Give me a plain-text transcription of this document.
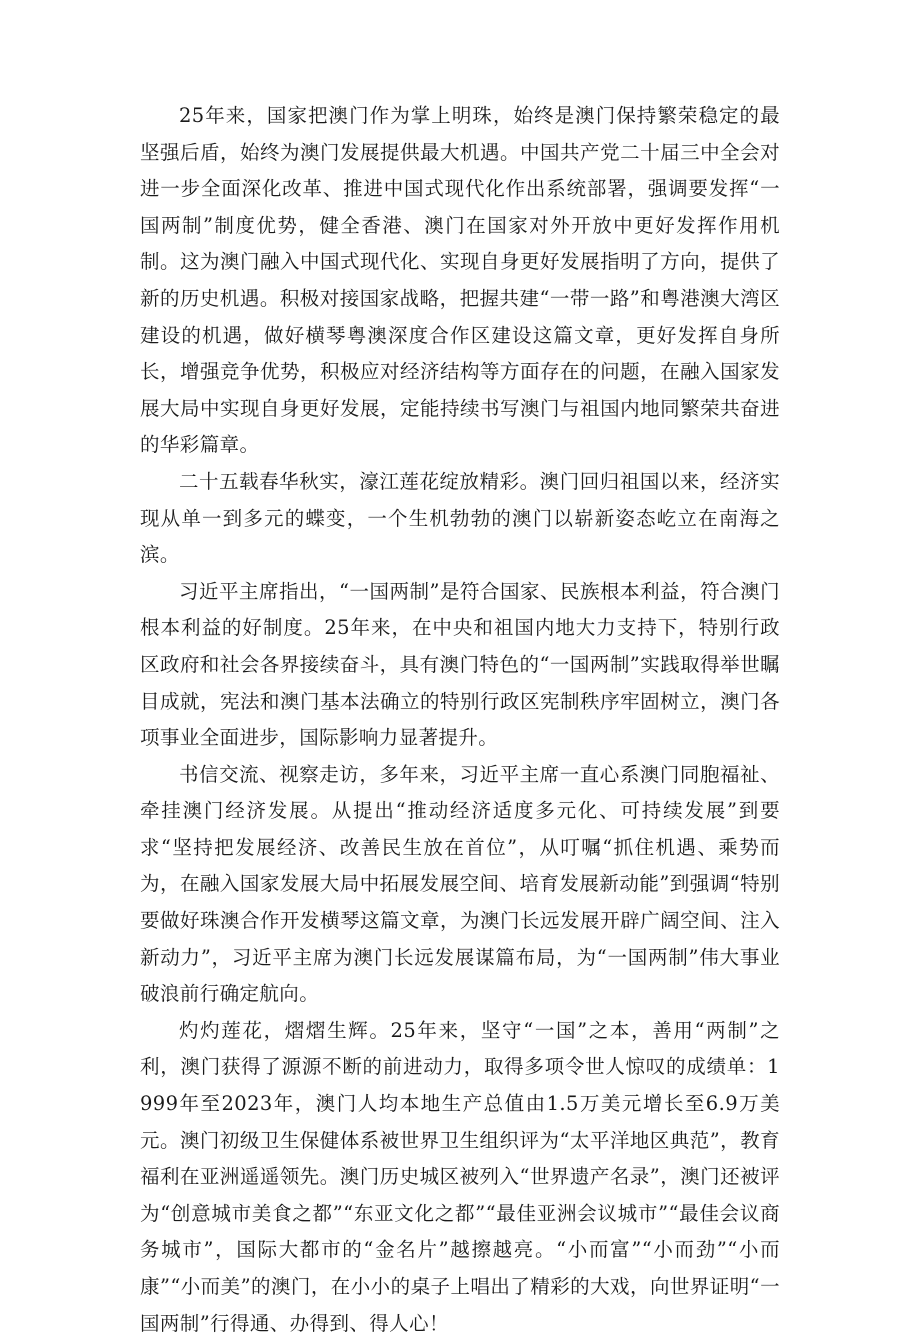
25年来，国家把澳门作为掌上明珠，始终是澳门保持繁荣稳定的最坚强后盾，始终为澳门发展提供最大机遇。中国共产党二十届三中全会对进一步全面深化改革、推进中国式现代化作出系统部署，强调要发挥“一国两制”制度优势，健全香港、澳门在国家对外开放中更好发挥作用机制。这为澳门融入中国式现代化、实现自身更好发展指明了方向，提供了新的历史机遇。积极对接国家战略，把握共建“一带一路”和粤港澳大湾区建设的机遇，做好横琴粤澳深度合作区建设这篇文章，更好发挥自身所长，增强竞争优势，积极应对经济结构等方面存在的问题，在融入国家发展大局中实现自身更好发展，定能持续书写澳门与祖国内地同繁荣共奋进的华彩篇章。

二十五载春华秋实，濠江莲花绽放精彩。澳门回归祖国以来，经济实现从单一到多元的蝶变，一个生机勃勃的澳门以崭新姿态屹立在南海之滨。

习近平主席指出，“一国两制”是符合国家、民族根本利益，符合澳门根本利益的好制度。25年来，在中央和祖国内地大力支持下，特别行政区政府和社会各界接续奋斗，具有澳门特色的“一国两制”实践取得举世瞩目成就，宪法和澳门基本法确立的特别行政区宪制秩序牢固树立，澳门各项事业全面进步，国际影响力显著提升。

书信交流、视察走访，多年来，习近平主席一直心系澳门同胞福祉、牵挂澳门经济发展。从提出“推动经济适度多元化、可持续发展”到要求“坚持把发展经济、改善民生放在首位”，从叮嘱“抓住机遇、乘势而为，在融入国家发展大局中拓展发展空间、培育发展新动能”到强调“特别要做好珠澳合作开发横琴这篇文章，为澳门长远发展开辟广阔空间、注入新动力”，习近平主席为澳门长远发展谋篇布局，为“一国两制”伟大事业破浪前行确定航向。

灼灼莲花，熠熠生辉。25年来，坚守“一国”之本，善用“两制”之利，澳门获得了源源不断的前进动力，取得多项令世人惊叹的成绩单：1999年至2023年，澳门人均本地生产总值由1.5万美元增长至6.9万美元。澳门初级卫生保健体系被世界卫生组织评为“太平洋地区典范”，教育福利在亚洲遥遥领先。澳门历史城区被列入“世界遗产名录”，澳门还被评为“创意城市美食之都”“东亚文化之都”“最佳亚洲会议城市”“最佳会议商务城市”，国际大都市的“金名片”越擦越亮。“小而富”“小而劲”“小而康”“小而美”的澳门，在小小的桌子上唱出了精彩的大戏，向世界证明“一国两制”行得通、办得到、得人心！
